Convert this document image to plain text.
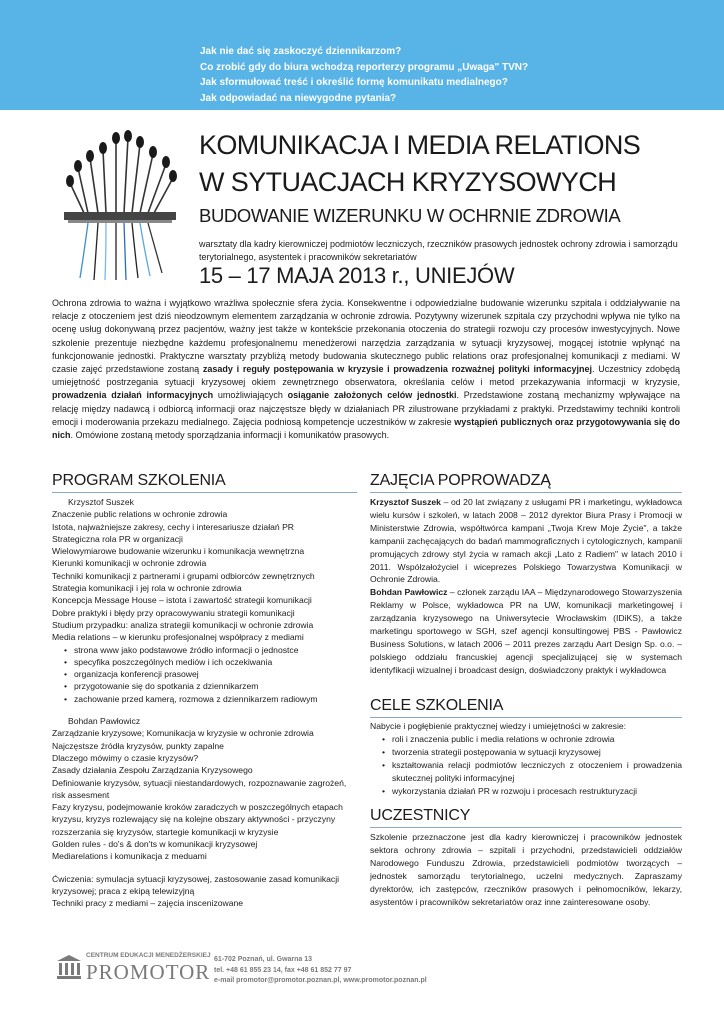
Jak nie dać się zaskoczyć dziennikarzom?
Co zrobić gdy do biura wchodzą reporterzy programu „Uwaga" TVN?
Jak sformułować treść i określić formę komunikatu medialnego?
Jak odpowiadać na niewygodne pytania?
KOMUNIKACJA I MEDIA RELATIONS
W SYTUACJACH KRYZYSOWYCH
BUDOWANIE WIZERUNKU W OCHRNIE ZDROWIA
warsztaty dla kadry kierowniczej podmiotów leczniczych, rzeczników prasowych jednostek ochrony zdrowia i samorządu terytorialnego, asystentek i pracowników sekretariatów
15 – 17 MAJA 2013 r., UNIEJÓW
Ochrona zdrowia to ważna i wyjątkowo wrażliwa społecznie sfera życia. Konsekwentne i odpowiedzialne budowanie wizerunku szpitala i oddziaływanie na relacje z otoczeniem jest dziś nieodzownym elementem zarządzania w ochronie zdrowia. Pozytywny wizerunek szpitala czy przychodni wpływa nie tylko na ocenę usług dokonywaną przez pacjentów, ważny jest także w kontekście przekonania otoczenia do strategii rozwoju czy procesów inwestycyjnych. Nowe szkolenie prezentuje niezbędne każdemu profesjonalnemu menedżerowi narzędzia zarządzania w sytuacji kryzysowej, mogącej istotnie wpłynąć na funkcjonowanie jednostki. Praktyczne warsztaty przybliżą metody budowania skutecznego public relations oraz profesjonalnej komunikacji z mediami. W czasie zajęć przedstawione zostaną zasady i reguły postępowania w kryzysie i prowadzenia rozważnej polityki informacyjnej. Uczestnicy zdobędą umiejętność postrzegania sytuacji kryzysowej okiem zewnętrznego obserwatora, określania celów i metod przekazywania informacji w kryzysie, prowadzenia działań informacyjnych umożliwiających osiąganie założonych celów jednostki. Przedstawione zostaną mechanizmy wpływające na relację między nadawcą i odbiorcą informacji oraz najczęstsze błędy w działaniach PR zilustrowane przykładami z praktyki. Przedstawimy techniki kontroli emocji i moderowania przekazu medialnego. Zajęcia podniosą kompetencje uczestników w zakresie wystąpień publicznych oraz przygotowywania się do nich. Omówione zostaną metody sporządzania informacji i komunikatów prasowych.
PROGRAM SZKOLENIA
Krzysztof Suszek
Znaczenie public relations w ochronie zdrowia
Istota, najważniejsze zakresy, cechy i interesariusze działań PR
Strategiczna rola PR w organizacji
Wielowymiarowe budowanie wizerunku i komunikacja wewnętrzna
Kierunki komunikacji w ochronie zdrowia
Techniki komunikacji z partnerami i grupami odbiorców zewnętrznych
Strategia komunikacji i jej rola w ochronie zdrowia
Koncepcja Message House – istota i zawartość strategii komunikacji
Dobre praktyki i błędy przy opracowywaniu strategii komunikacji
Studium przypadku: analiza strategii komunikacji w ochronie zdrowia
Media relations – w kierunku profesjonalnej współpracy z mediami
• strona www jako podstawowe źródło informacji o jednostce
• specyfika poszczególnych mediów i ich oczekiwania
• organizacja konferencji prasowej
• przygotowanie się do spotkania z dziennikarzem
• zachowanie przed kamerą, rozmowa z dziennikarzem radiowym
Bohdan Pawłowicz
Zarządzanie kryzysowe; Komunikacja w kryzysie w ochronie zdrowia
Najczęstsze źródła kryzysów, punkty zapalne
Dlaczego mówimy o czasie kryzysów?
Zasady działania Zespołu Zarządzania Kryzysowego
Definiowanie kryzysów, sytuacji niestandardowych, rozpoznawanie zagrożeń, risk assesment
Fazy kryzysu, podejmowanie kroków zaradczych w poszczególnych etapach kryzysu, kryzys rozlewający się na kolejne obszary aktywności - przyczyny rozszerzania się kryzysów, startegie komunikacji w kryzysie
Golden rules - do's & don'ts w komunikacji kryzysowej
Mediarelations i komunikacja z meduami
Ćwiczenia: symulacja sytuacji kryzysowej, zastosowanie zasad komunikacji kryzysowej; praca z ekipą telewizyjną
Techniki pracy z mediami – zajęcia inscenizowane
ZAJĘCIA POPROWADZĄ
Krzysztof Suszek – od 20 lat związany z usługami PR i marketingu, wykładowca wielu kursów i szkoleń, w latach 2008 – 2012 dyrektor Biura Prasy i Promocji w Ministerstwie Zdrowia, współtwórca kampani „Twoja Krew Moje Życie", a także kampanii zachęcających do badań mammograficznych i cytologicznych, kampanii promujących zdrowy styl życia w ramach akcji „Lato z Radiem" w latach 2010 i 2011. Współzałożyciel i wiceprezes Polskiego Towarzystwa Komunikacji w Ochronie Zdrowia.
Bohdan Pawłowicz – członek zarządu IAA – Międzynarodowego Stowarzyszenia Reklamy w Polsce, wykładowca PR na UW, komunikacji marketingowej i zarządzania kryzysowego na Uniwersytecie Wrocławskim (IDiKS), a także marketingu sportowego w SGH, szef agencji konsultingowej PBS - Pawłowicz Business Solutions, w latach 2006 – 2011 prezes zarządu Aart Design Sp. o.o. – polskiego oddziału francuskiej agencji specjalizującej się w systemach identyfikacji wizualnej i broadcast design, doświadczony praktyk i wykładowca
CELE SZKOLENIA
Nabycie i pogłębienie praktycznej wiedzy i umiejętności w zakresie:
• roli i znaczenia public i media relations w ochronie zdrowia
• tworzenia strategii postępowania w sytuacji kryzysowej
• kształtowania relacji podmiotów leczniczych z otoczeniem i prowadzenia skutecznej polityki informacyjnej
• wykorzystania działań PR w rozwoju i procesach restrukturyzacji
UCZESTNICY
Szkolenie przeznaczone jest dla kadry kierowniczej i pracowników jednostek sektora ochrony zdrowia – szpitali i przychodni, przedstawicieli oddziałów Narodowego Funduszu Zdrowia, przedstawicieli podmiotów tworzących – jednostek samorządu terytorialnego, uczelni medycznych. Zapraszamy dyrektorów, ich zastępców, rzeczników prasowych i pełnomocników, lekarzy, asystentów i pracowników sekretariatów oraz inne zainteresowane osoby.
CENTRUM EDUKACJI MENEDŻERSKIEJ
PROMOTOR
61-702 Poznań, ul. Gwarna 13
tel. +48 61 855 23 14, fax +48 61 852 77 97
e-mail promotor@promotor.poznan.pl, www.promotor.poznan.pl
